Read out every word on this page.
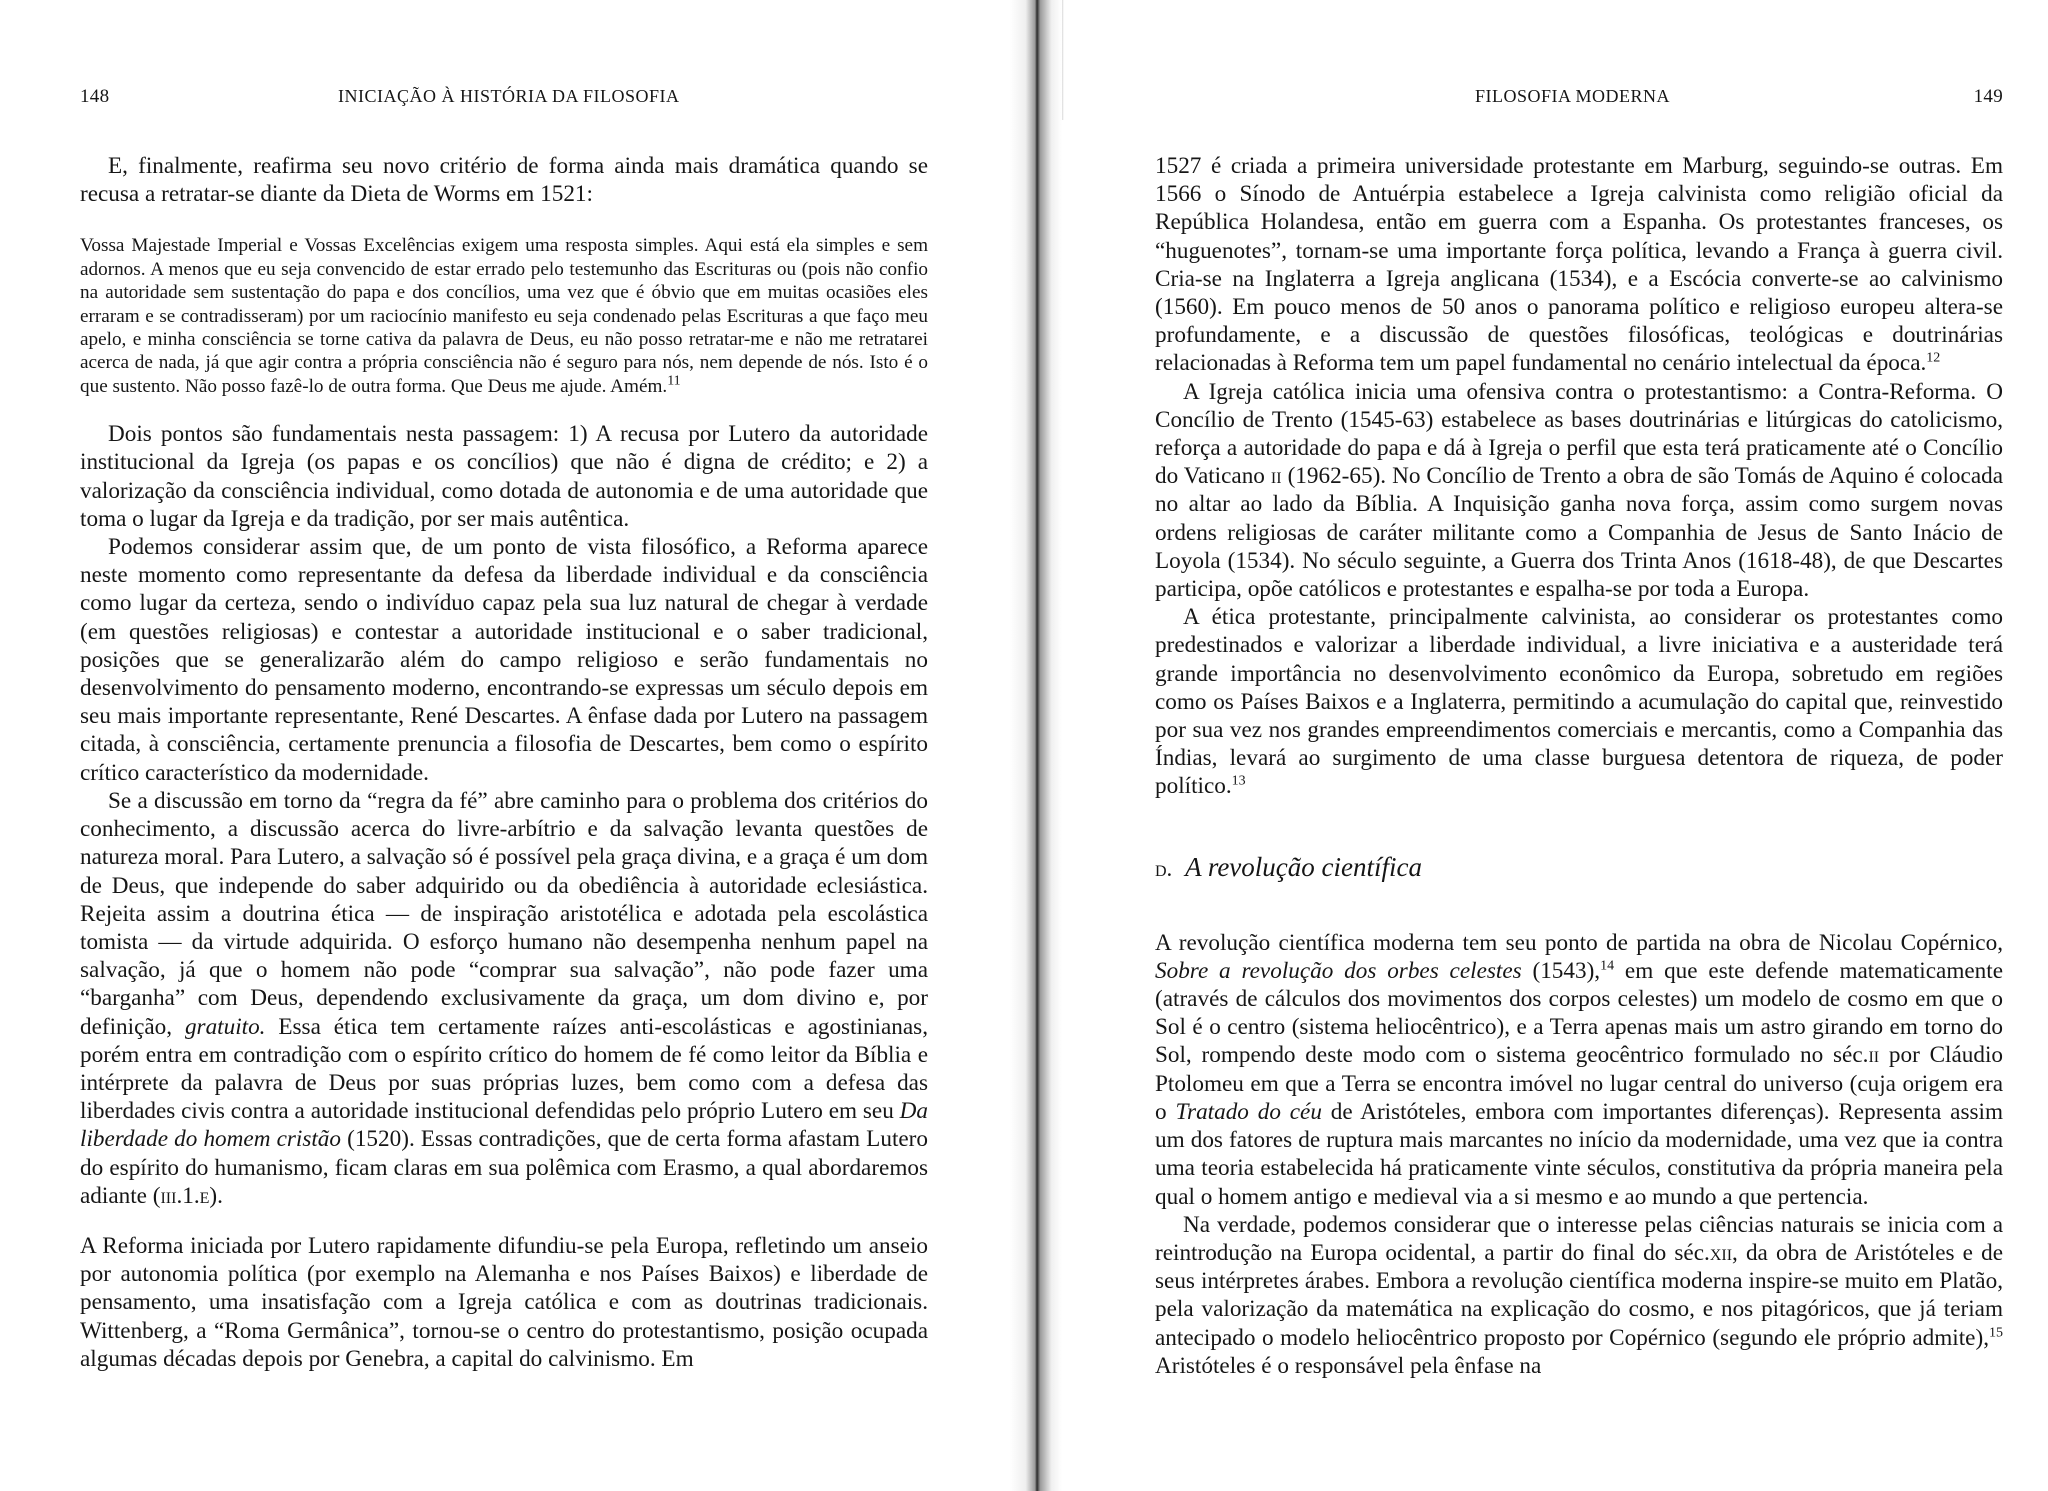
148	INICIAÇÃO À HISTÓRIA DA FILOSOFIA

E, finalmente, reafirma seu novo critério de forma ainda mais dramática quando se recusa a retratar-se diante da Dieta de Worms em 1521:

Vossa Majestade Imperial e Vossas Excelências exigem uma resposta simples. Aqui está ela simples e sem adornos. A menos que eu seja convencido de estar errado pelo testemunho das Escrituras ou (pois não confio na autoridade sem sustentação do papa e dos concílios, uma vez que é óbvio que em muitas ocasiões eles erraram e se contradisseram) por um raciocínio manifesto eu seja condenado pelas Escrituras a que faço meu apelo, e minha consciência se torne cativa da palavra de Deus, eu não posso retratar-me e não me retratarei acerca de nada, já que agir contra a própria consciência não é seguro para nós, nem depende de nós. Isto é o que sustento. Não posso fazê-lo de outra forma. Que Deus me ajude. Amém.$^{11}$

Dois pontos são fundamentais nesta passagem: 1) A recusa por Lutero da autoridade institucional da Igreja (os papas e os concílios) que não é digna de crédito; e 2) a valorização da consciência individual, como dotada de autonomia e de uma autoridade que toma o lugar da Igreja e da tradição, por ser mais autêntica.

Podemos considerar assim que, de um ponto de vista filosófico, a Reforma aparece neste momento como representante da defesa da liberdade individual e da consciência como lugar da certeza, sendo o indivíduo capaz pela sua luz natural de chegar à verdade (em questões religiosas) e contestar a autoridade institucional e o saber tradicional, posições que se generalizarão além do campo religioso e serão fundamentais no desenvolvimento do pensamento moderno, encontrando-se expressas um século depois em seu mais importante representante, René Descartes. A ênfase dada por Lutero na passagem citada, à consciência, certamente prenuncia a filosofia de Descartes, bem como o espírito crítico característico da modernidade.

Se a discussão em torno da “regra da fé” abre caminho para o problema dos critérios do conhecimento, a discussão acerca do livre-arbítrio e da salvação levanta questões de natureza moral. Para Lutero, a salvação só é possível pela graça divina, e a graça é um dom de Deus, que independe do saber adquirido ou da obediência à autoridade eclesiástica. Rejeita assim a doutrina ética — de inspiração aristotélica e adotada pela escolástica tomista — da virtude adquirida. O esforço humano não desempenha nenhum papel na salvação, já que o homem não pode “comprar sua salvação”, não pode fazer uma “barganha” com Deus, dependendo exclusivamente da graça, um dom divino e, por definição, gratuito. Essa ética tem certamente raízes anti-escolásticas e agostinianas, porém entra em contradição com o espírito crítico do homem de fé como leitor da Bíblia e intérprete da palavra de Deus por suas próprias luzes, bem como com a defesa das liberdades civis contra a autoridade institucional defendidas pelo próprio Lutero em seu Da liberdade do homem cristão (1520). Essas contradições, que de certa forma afastam Lutero do espírito do humanismo, ficam claras em sua polêmica com Erasmo, a qual abordaremos adiante (iii.1.e).

A Reforma iniciada por Lutero rapidamente difundiu-se pela Europa, refletindo um anseio por autonomia política (por exemplo na Alemanha e nos Países Baixos) e liberdade de pensamento, uma insatisfação com a Igreja católica e com as doutrinas tradicionais. Wittenberg, a “Roma Germânica”, tornou-se o centro do protestantismo, posição ocupada algumas décadas depois por Genebra, a capital do calvinismo. Em

FILOSOFIA MODERNA	149

1527 é criada a primeira universidade protestante em Marburg, seguindo-se outras. Em 1566 o Sínodo de Antuérpia estabelece a Igreja calvinista como religião oficial da República Holandesa, então em guerra com a Espanha. Os protestantes franceses, os “huguenotes”, tornam-se uma importante força política, levando a França à guerra civil. Cria-se na Inglaterra a Igreja anglicana (1534), e a Escócia converte-se ao calvinismo (1560). Em pouco menos de 50 anos o panorama político e religioso europeu altera-se profundamente, e a discussão de questões filosóficas, teológicas e doutrinárias relacionadas à Reforma tem um papel fundamental no cenário intelectual da época.$^{12}$

A Igreja católica inicia uma ofensiva contra o protestantismo: a Contra-Reforma. O Concílio de Trento (1545-63) estabelece as bases doutrinárias e litúrgicas do catolicismo, reforça a autoridade do papa e dá à Igreja o perfil que esta terá praticamente até o Concílio do Vaticano ii (1962-65). No Concílio de Trento a obra de são Tomás de Aquino é colocada no altar ao lado da Bíblia. A Inquisição ganha nova força, assim como surgem novas ordens religiosas de caráter militante como a Companhia de Jesus de Santo Inácio de Loyola (1534). No século seguinte, a Guerra dos Trinta Anos (1618-48), de que Descartes participa, opõe católicos e protestantes e espalha-se por toda a Europa.

A ética protestante, principalmente calvinista, ao considerar os protestantes como predestinados e valorizar a liberdade individual, a livre iniciativa e a austeridade terá grande importância no desenvolvimento econômico da Europa, sobretudo em regiões como os Países Baixos e a Inglaterra, permitindo a acumulação do capital que, reinvestido por sua vez nos grandes empreendimentos comerciais e mercantis, como a Companhia das Índias, levará ao surgimento de uma classe burguesa detentora de riqueza, de poder político.$^{13}$

d. A revolução científica

A revolução científica moderna tem seu ponto de partida na obra de Nicolau Copérnico, Sobre a revolução dos orbes celestes (1543),$^{14}$ em que este defende matematicamente (através de cálculos dos movimentos dos corpos celestes) um modelo de cosmo em que o Sol é o centro (sistema heliocêntrico), e a Terra apenas mais um astro girando em torno do Sol, rompendo deste modo com o sistema geocêntrico formulado no séc.ii por Cláudio Ptolomeu em que a Terra se encontra imóvel no lugar central do universo (cuja origem era o Tratado do céu de Aristóteles, embora com importantes diferenças). Representa assim um dos fatores de ruptura mais marcantes no início da modernidade, uma vez que ia contra uma teoria estabelecida há praticamente vinte séculos, constitutiva da própria maneira pela qual o homem antigo e medieval via a si mesmo e ao mundo a que pertencia.

Na verdade, podemos considerar que o interesse pelas ciências naturais se inicia com a reintrodução na Europa ocidental, a partir do final do séc.xii, da obra de Aristóteles e de seus intérpretes árabes. Embora a revolução científica moderna inspire-se muito em Platão, pela valorização da matemática na explicação do cosmo, e nos pitagóricos, que já teriam antecipado o modelo heliocêntrico proposto por Copérnico (segundo ele próprio admite),$^{15}$ Aristóteles é o responsável pela ênfase na
